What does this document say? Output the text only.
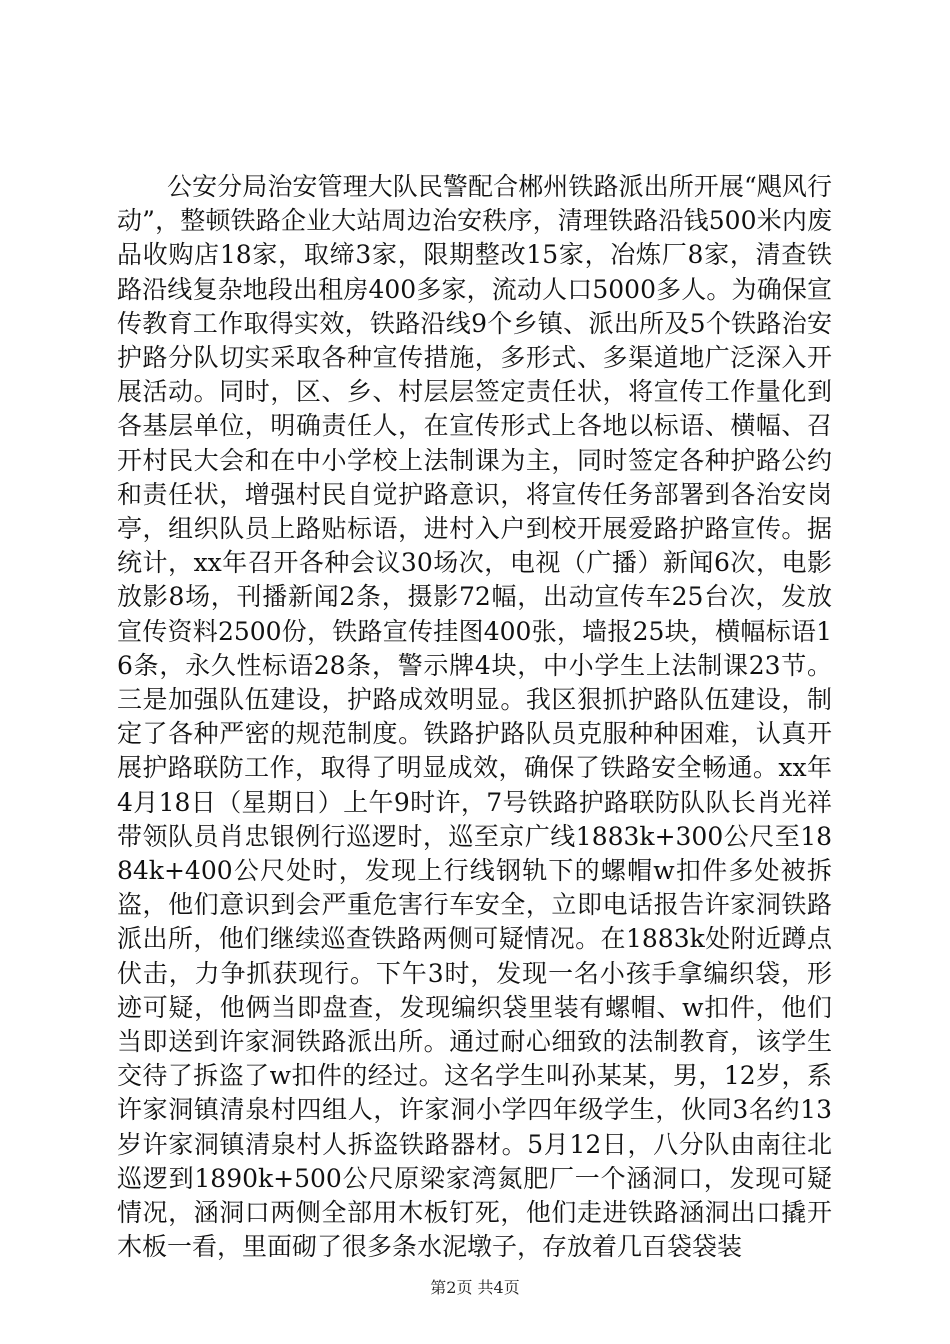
公安分局治安管理大队民警配合郴州铁路派出所开展“飓风行动”，整顿铁路企业大站周边治安秩序，清理铁路沿钱500米内废品收购店18家，取缔3家，限期整改15家，冶炼厂8家，清查铁路沿线复杂地段出租房400多家，流动人口5000多人。为确保宣传教育工作取得实效，铁路沿线9个乡镇、派出所及5个铁路治安护路分队切实采取各种宣传措施，多形式、多渠道地广泛深入开展活动。同时，区、乡、村层层签定责任状，将宣传工作量化到各基层单位，明确责任人，在宣传形式上各地以标语、横幅、召开村民大会和在中小学校上法制课为主，同时签定各种护路公约和责任状，增强村民自觉护路意识，将宣传任务部署到各治安岗亭，组织队员上路贴标语，进村入户到校开展爱路护路宣传。据统计，xx年召开各种会议30场次，电视（广播）新闻6次，电影放影8场，刊播新闻2条，摄影72幅，出动宣传车25台次，发放宣传资料2500份，铁路宣传挂图400张，墙报25块，横幅标语16条，永久性标语28条，警示牌4块，中小学生上法制课23节。三是加强队伍建设，护路成效明显。我区狠抓护路队伍建设，制定了各种严密的规范制度。铁路护路队员克服种种困难，认真开展护路联防工作，取得了明显成效，确保了铁路安全畅通。xx年4月18日（星期日）上午9时许，7号铁路护路联防队队长肖光祥带领队员肖忠银例行巡逻时，巡至京广线1883k+300公尺至1884k+400公尺处时，发现上行线钢轨下的螺帽w扣件多处被拆盗，他们意识到会严重危害行车安全，立即电话报告许家洞铁路派出所，他们继续巡查铁路两侧可疑情况。在1883k处附近蹲点伏击，力争抓获现行。下午3时，发现一名小孩手拿编织袋，形迹可疑，他俩当即盘查，发现编织袋里装有螺帽、w扣件，他们当即送到许家洞铁路派出所。通过耐心细致的法制教育，该学生交待了拆盗了w扣件的经过。这名学生叫孙某某，男，12岁，系许家洞镇清泉村四组人，许家洞小学四年级学生，伙同3名约13岁许家洞镇清泉村人拆盗铁路器材。5月12日，八分队由南往北巡逻到1890k+500公尺原梁家湾氮肥厂一个涵洞口，发现可疑情况，涵洞口两侧全部用木板钉死，他们走进铁路涵洞出口撬开木板一看，里面砌了很多条水泥墩子，存放着几百袋袋装

第2页 共4页
